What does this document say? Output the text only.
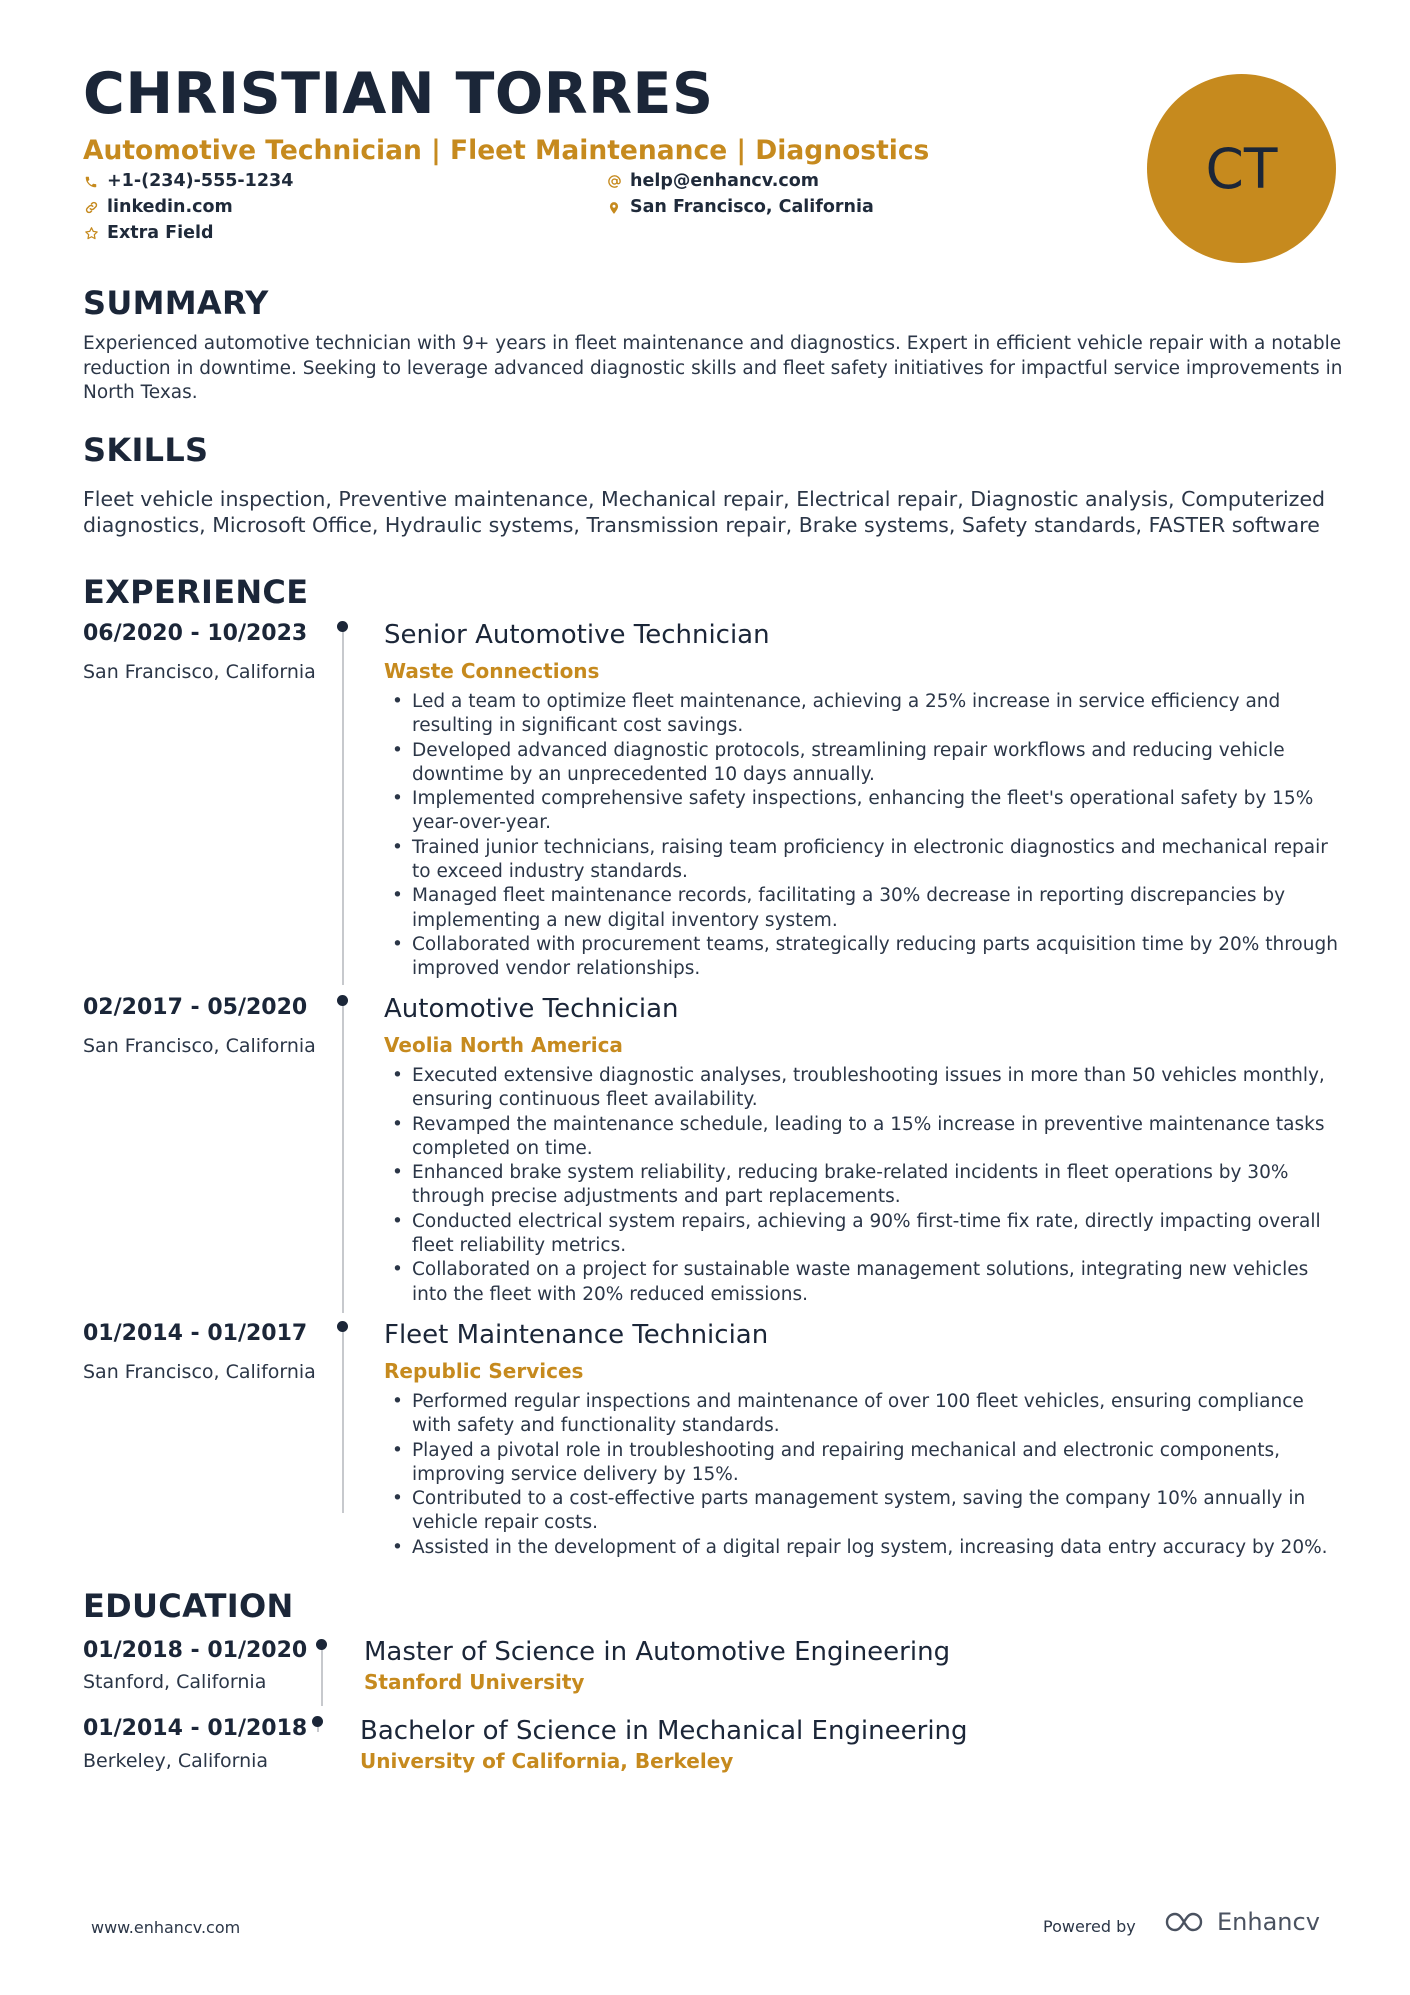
CHRISTIAN TORRES
Automotive Technician | Fleet Maintenance | Diagnostics
+1-(234)-555-1234	help@enhancv.com
linkedin.com	San Francisco, California
Extra Field
CT
SUMMARY
Experienced automotive technician with 9+ years in fleet maintenance and diagnostics. Expert in efficient vehicle repair with a notable reduction in downtime. Seeking to leverage advanced diagnostic skills and fleet safety initiatives for impactful service improvements in North Texas.
SKILLS
Fleet vehicle inspection, Preventive maintenance, Mechanical repair, Electrical repair, Diagnostic analysis, Computerized diagnostics, Microsoft Office, Hydraulic systems, Transmission repair, Brake systems, Safety standards, FASTER software
EXPERIENCE
06/2020 - 10/2023
San Francisco, California
Senior Automotive Technician
Waste Connections
• Led a team to optimize fleet maintenance, achieving a 25% increase in service efficiency and resulting in significant cost savings.
• Developed advanced diagnostic protocols, streamlining repair workflows and reducing vehicle downtime by an unprecedented 10 days annually.
• Implemented comprehensive safety inspections, enhancing the fleet's operational safety by 15% year-over-year.
• Trained junior technicians, raising team proficiency in electronic diagnostics and mechanical repair to exceed industry standards.
• Managed fleet maintenance records, facilitating a 30% decrease in reporting discrepancies by implementing a new digital inventory system.
• Collaborated with procurement teams, strategically reducing parts acquisition time by 20% through improved vendor relationships.
02/2017 - 05/2020
San Francisco, California
Automotive Technician
Veolia North America
• Executed extensive diagnostic analyses, troubleshooting issues in more than 50 vehicles monthly, ensuring continuous fleet availability.
• Revamped the maintenance schedule, leading to a 15% increase in preventive maintenance tasks completed on time.
• Enhanced brake system reliability, reducing brake-related incidents in fleet operations by 30% through precise adjustments and part replacements.
• Conducted electrical system repairs, achieving a 90% first-time fix rate, directly impacting overall fleet reliability metrics.
• Collaborated on a project for sustainable waste management solutions, integrating new vehicles into the fleet with 20% reduced emissions.
01/2014 - 01/2017
San Francisco, California
Fleet Maintenance Technician
Republic Services
• Performed regular inspections and maintenance of over 100 fleet vehicles, ensuring compliance with safety and functionality standards.
• Played a pivotal role in troubleshooting and repairing mechanical and electronic components, improving service delivery by 15%.
• Contributed to a cost-effective parts management system, saving the company 10% annually in vehicle repair costs.
• Assisted in the development of a digital repair log system, increasing data entry accuracy by 20%.
EDUCATION
01/2018 - 01/2020
Stanford, California
Master of Science in Automotive Engineering
Stanford University
01/2014 - 01/2018
Berkeley, California
Bachelor of Science in Mechanical Engineering
University of California, Berkeley
www.enhancv.com	Powered by	Enhancv
